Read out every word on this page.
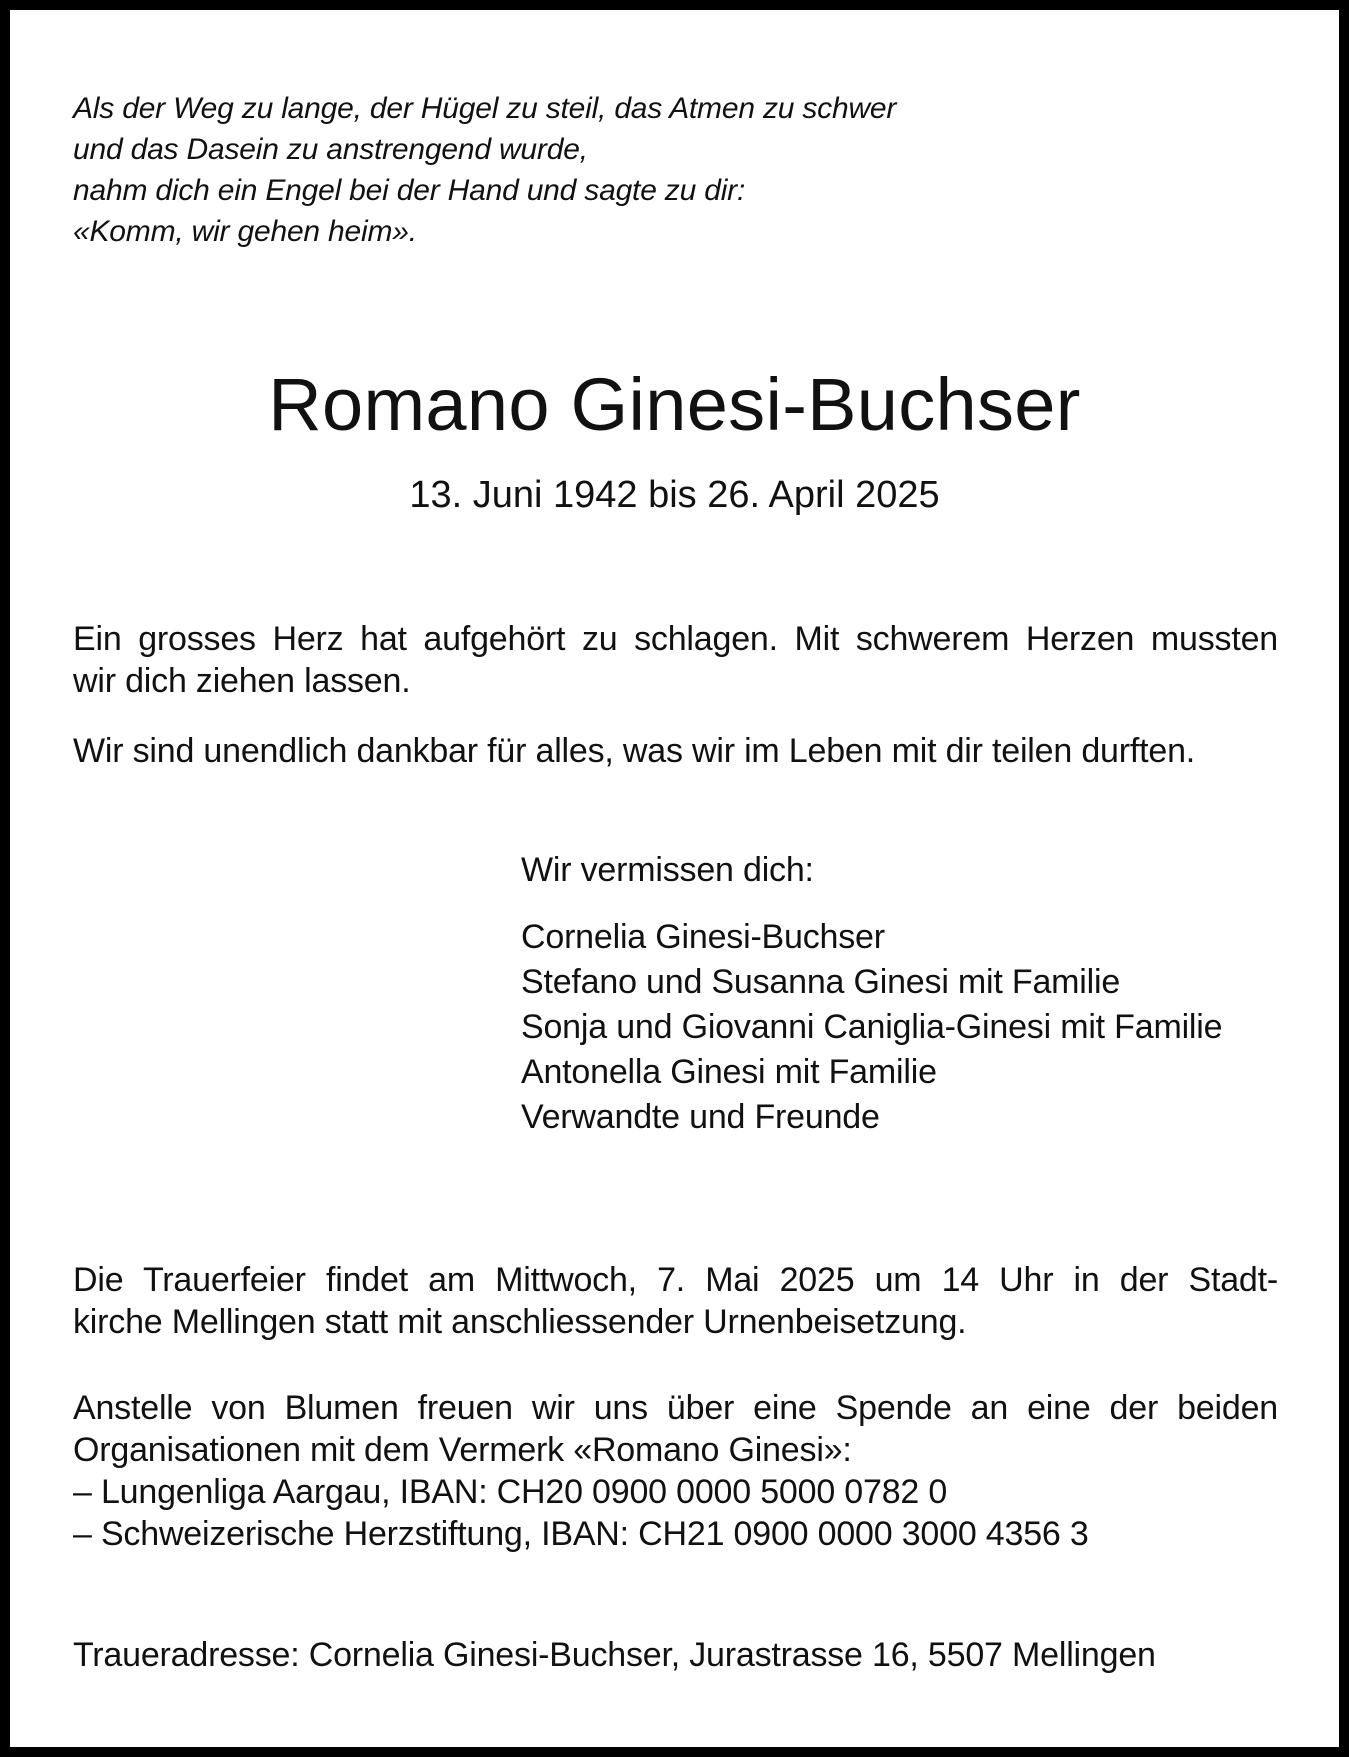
Als der Weg zu lange, der Hügel zu steil, das Atmen zu schwer
und das Dasein zu anstrengend wurde,
nahm dich ein Engel bei der Hand und sagte zu dir:
«Komm, wir gehen heim».
Romano Ginesi-Buchser
13. Juni 1942 bis 26. April 2025
Ein grosses Herz hat aufgehört zu schlagen. Mit schwerem Herzen mussten
wir dich ziehen lassen.
Wir sind unendlich dankbar für alles, was wir im Leben mit dir teilen durften.
Wir vermissen dich:
Cornelia Ginesi-Buchser
Stefano und Susanna Ginesi mit Familie
Sonja und Giovanni Caniglia-Ginesi mit Familie
Antonella Ginesi mit Familie
Verwandte und Freunde
Die Trauerfeier findet am Mittwoch, 7. Mai 2025 um 14 Uhr in der Stadt-
kirche Mellingen statt mit anschliessender Urnenbeisetzung.
Anstelle von Blumen freuen wir uns über eine Spende an eine der beiden
Organisationen mit dem Vermerk «Romano Ginesi»:
– Lungenliga Aargau, IBAN: CH20 0900 0000 5000 0782 0
– Schweizerische Herzstiftung, IBAN: CH21 0900 0000 3000 4356 3
Traueradresse: Cornelia Ginesi-Buchser, Jurastrasse 16, 5507 Mellingen
